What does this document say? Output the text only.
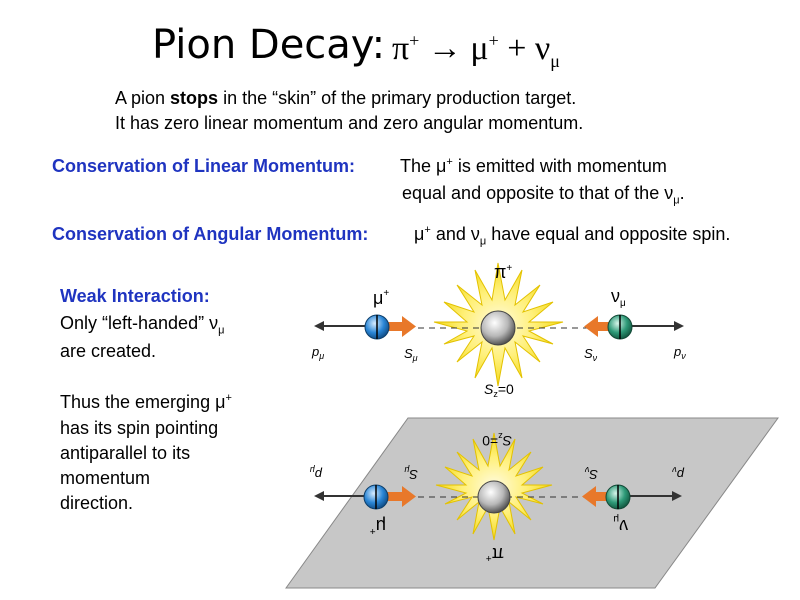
Pion Decay: $\pi^+ \to \mu^+ + \nu_\mu$
A pion stops in the “skin” of the primary production target.
It has zero linear momentum and zero angular momentum.
Conservation of Linear Momentum: The μ+ is emitted with momentum
equal and opposite to that of the $\nu_\mu$.
Conservation of Angular Momentum:	μ+ and $\nu_\mu$ have equal and opposite spin.
Weak Interaction:
Only “left-handed” $\nu_\mu$
are created.
Thus the emerging μ+
has its spin pointing
antiparallel to its
momentum
direction.
π+
μ+	$\nu_\mu$
$p_\mu$	$S_\mu$	$S_\nu$	$p_\nu$
$S_z=0$
$S_z=0$
$p_\mu$	$S_\mu$	$S_\nu$	$p_\nu$
μ+	$\nu_\mu$
π+
